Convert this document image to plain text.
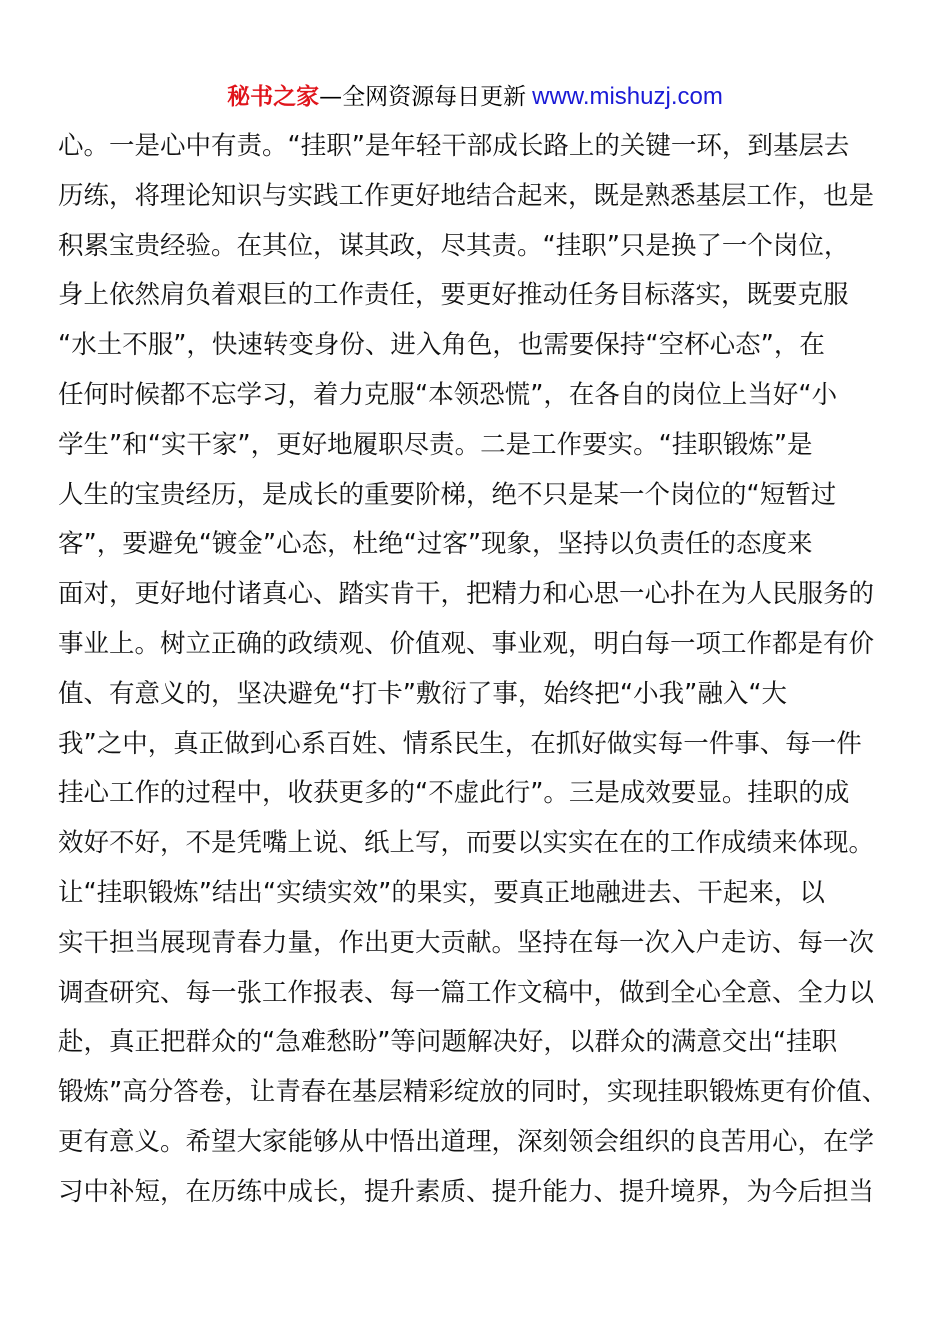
秘书之家—全网资源每日更新 www.mishuzj.com
心。一是心中有责。“挂职”是年轻干部成长路上的关键一环，到基层去
历练，将理论知识与实践工作更好地结合起来，既是熟悉基层工作，也是
积累宝贵经验。在其位，谋其政，尽其责。“挂职”只是换了一个岗位，
身上依然肩负着艰巨的工作责任，要更好推动任务目标落实，既要克服
“水土不服”，快速转变身份、进入角色，也需要保持“空杯心态”，在
任何时候都不忘学习，着力克服“本领恐慌”，在各自的岗位上当好“小
学生”和“实干家”，更好地履职尽责。二是工作要实。“挂职锻炼”是
人生的宝贵经历，是成长的重要阶梯，绝不只是某一个岗位的“短暂过
客”，要避免“镀金”心态，杜绝“过客”现象，坚持以负责任的态度来
面对，更好地付诸真心、踏实肯干，把精力和心思一心扑在为人民服务的
事业上。树立正确的政绩观、价值观、事业观，明白每一项工作都是有价
值、有意义的，坚决避免“打卡”敷衍了事，始终把“小我”融入“大
我”之中，真正做到心系百姓、情系民生，在抓好做实每一件事、每一件
挂心工作的过程中，收获更多的“不虚此行”。三是成效要显。挂职的成
效好不好，不是凭嘴上说、纸上写，而要以实实在在的工作成绩来体现。
让“挂职锻炼”结出“实绩实效”的果实，要真正地融进去、干起来，以
实干担当展现青春力量，作出更大贡献。坚持在每一次入户走访、每一次
调查研究、每一张工作报表、每一篇工作文稿中，做到全心全意、全力以
赴，真正把群众的“急难愁盼”等问题解决好，以群众的满意交出“挂职
锻炼”高分答卷，让青春在基层精彩绽放的同时，实现挂职锻炼更有价值、
更有意义。希望大家能够从中悟出道理，深刻领会组织的良苦用心，在学
习中补短，在历练中成长，提升素质、提升能力、提升境界，为今后担当
